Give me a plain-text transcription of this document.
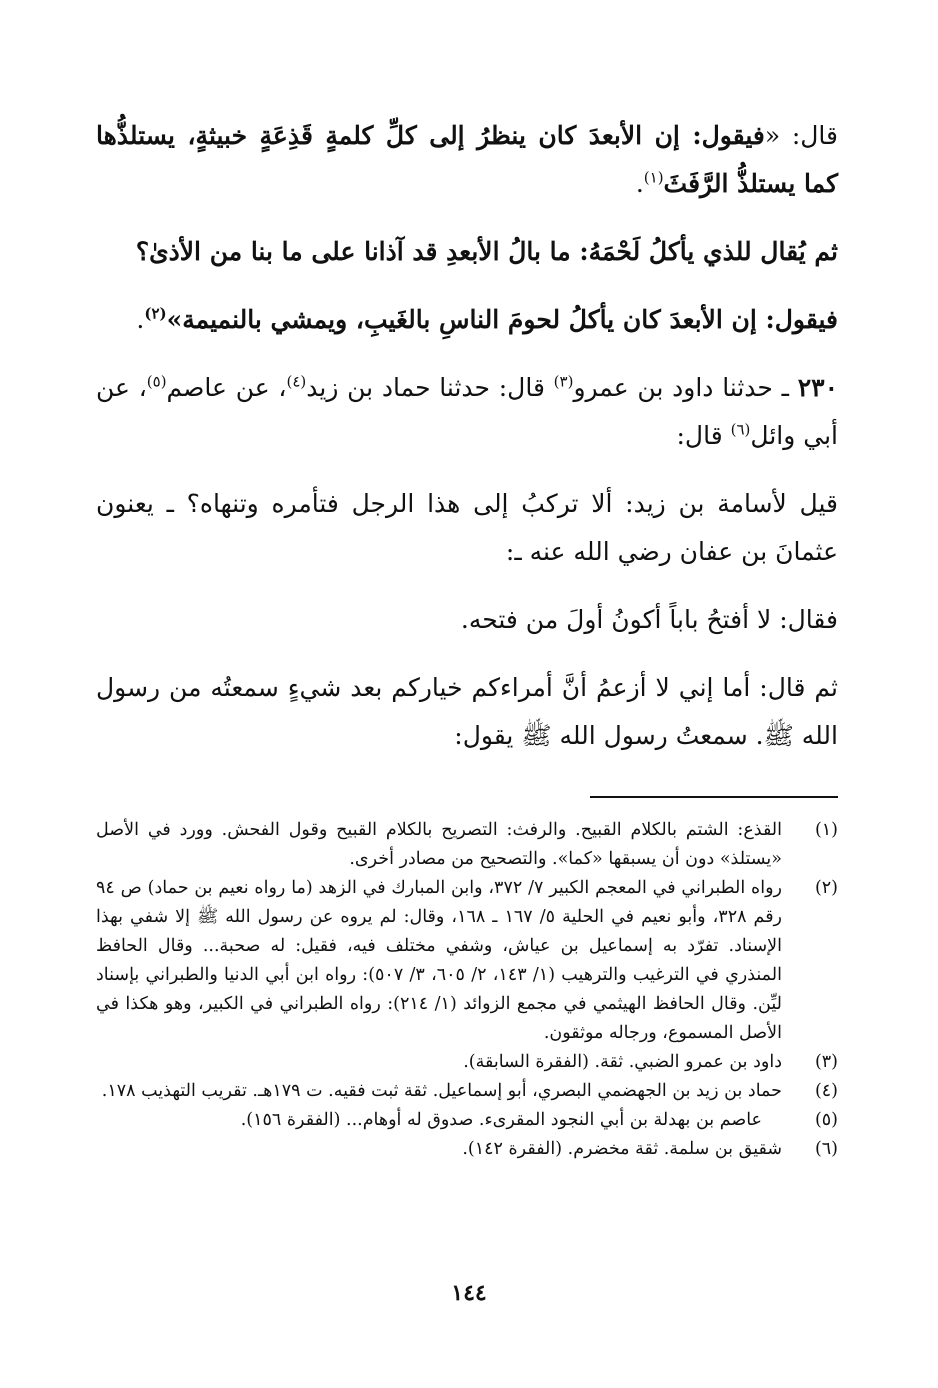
قال: «فيقول: إن الأبعدَ كان ينظرُ إلى كلِّ كلمةٍ قَذِعَةٍ خبيثةٍ، يستلذُّها كما يستلذُّ الرَّفَثَ$^{(١)}$.

ثم يُقال للذي يأكلُ لَحْمَهُ: ما بالُ الأبعدِ قد آذانا على ما بنا من الأذىٰ؟

فيقول: إن الأبعدَ كان يأكلُ لحومَ الناسِ بالغَيبِ، ويمشي بالنميمة»$^{(٢)}$.

٢٣٠ ـ حدثنا داود بن عمرو$^{(٣)}$ قال: حدثنا حماد بن زيد$^{(٤)}$، عن عاصم$^{(٥)}$، عن أبي وائل$^{(٦)}$ قال:

قيل لأسامة بن زيد: ألا تركبُ إلى هذا الرجل فتأمره وتنهاه؟ ـ يعنون عثمانَ بن عفان رضي الله عنه ـ:

فقال: لا أفتحُ باباً أكونُ أولَ من فتحه.

ثم قال: أما إني لا أزعمُ أنَّ أمراءكم خياركم بعد شيءٍ سمعتُه من رسول الله ﷺ. سمعتُ رسول الله ﷺ يقول:

(١)
القذع: الشتم بالكلام القبيح. والرفث: التصريح بالكلام القبيح وقول الفحش. وورد في الأصل «يستلذ» دون أن يسبقها «كما». والتصحيح من مصادر أخرى.
(٢)
رواه الطبراني في المعجم الكبير ٧/ ٣٧٢، وابن المبارك في الزهد (ما رواه نعيم بن حماد) ص ٩٤ رقم ٣٢٨، وأبو نعيم في الحلية ٥/ ١٦٧ ـ ١٦٨، وقال: لم يروه عن رسول الله ﷺ إلا شفي بهذا الإسناد. تفرّد به إسماعيل بن عياش، وشفي مختلف فيه، فقيل: له صحبة... وقال الحافظ المنذري في الترغيب والترهيب (١/ ١٤٣، ٢/ ٦٠٥، ٣/ ٥٠٧): رواه ابن أبي الدنيا والطبراني بإسناد ليِّن. وقال الحافظ الهيثمي في مجمع الزوائد (١/ ٢١٤): رواه الطبراني في الكبير، وهو هكذا في الأصل المسموع، ورجاله موثقون.
(٣)
داود بن عمرو الضبي. ثقة. (الفقرة السابقة).
(٤)
حماد بن زيد بن الجهضمي البصري، أبو إسماعيل. ثقة ثبت فقيه. ت ١٧٩هـ. تقريب التهذيب ١٧٨.
(٥)
عاصم بن بهدلة بن أبي النجود المقرىء. صدوق له أوهام... (الفقرة ١٥٦).
(٦)
شقيق بن سلمة. ثقة مخضرم. (الفقرة ١٤٢).
١٤٤
